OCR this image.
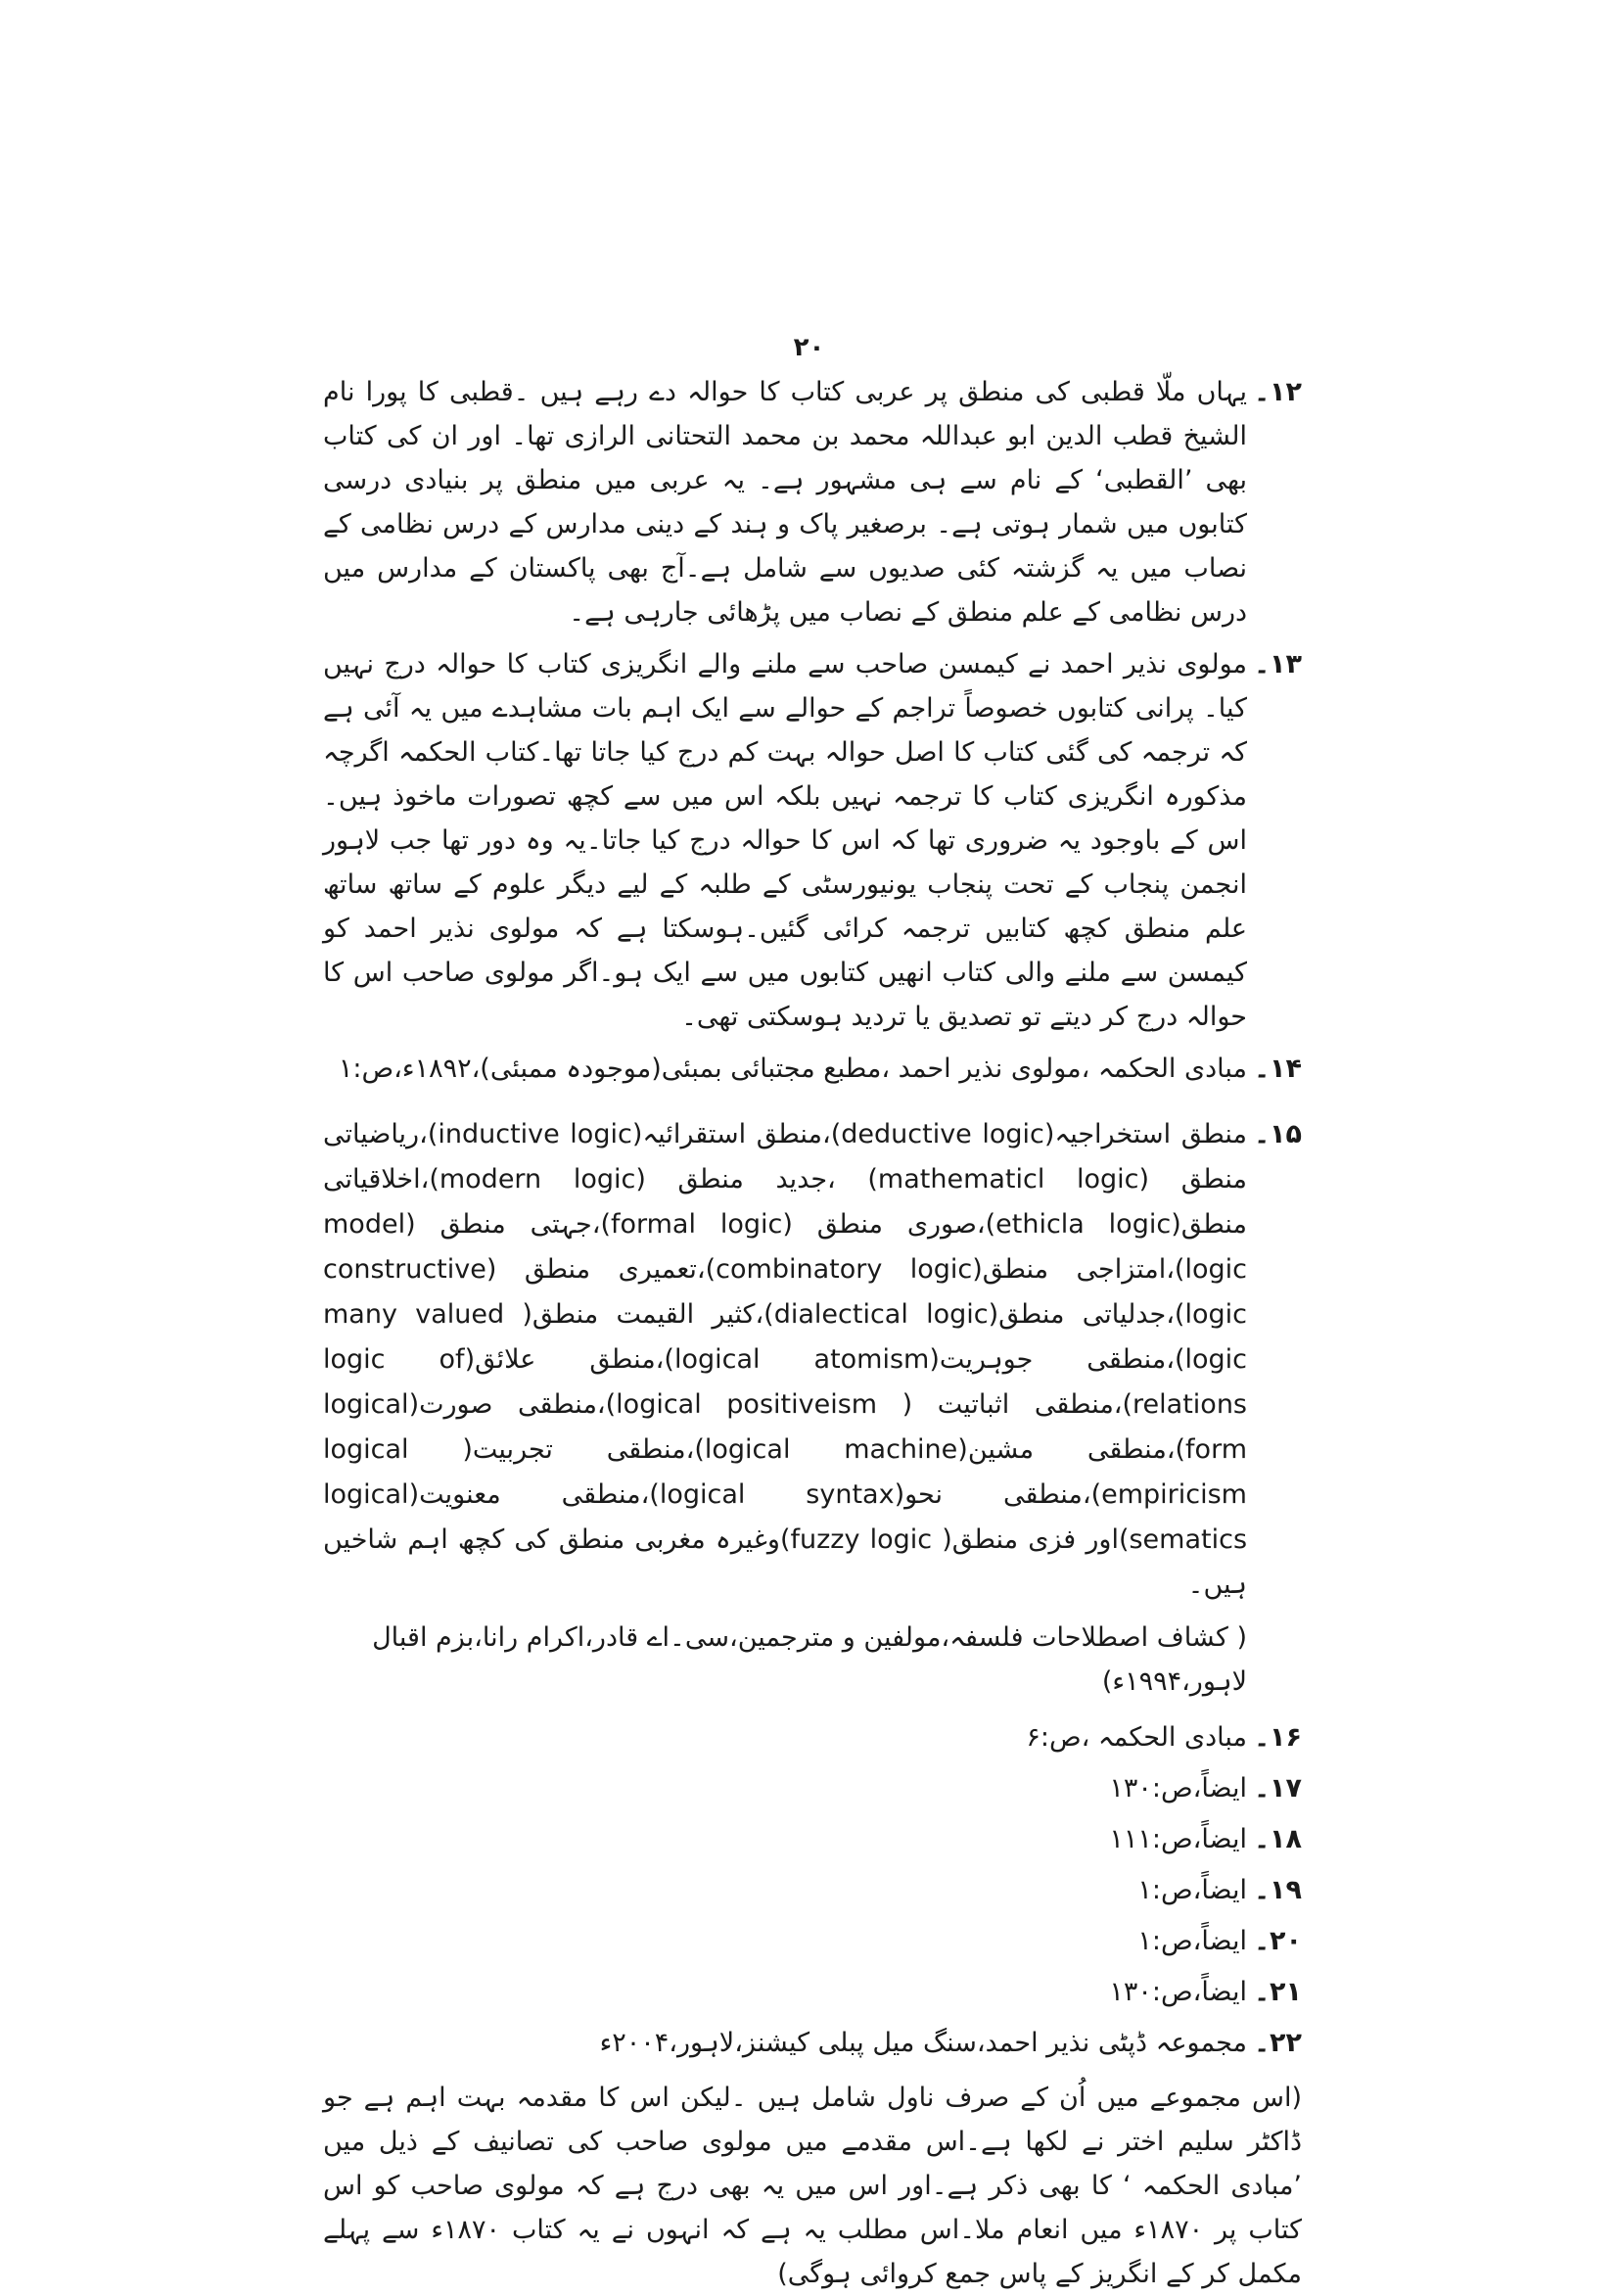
۲۰
۱۲۔
یہاں ملّا قطبی کی منطق پر عربی کتاب کا حوالہ دے رہے ہیں ۔قطبی کا پورا نام الشیخ قطب الدین ابو عبداللہ محمد بن محمد التحتانی الرازی تھا۔ اور ان کی کتاب بھی ’القطبی‘ کے نام سے ہی مشہور ہے۔ یہ عربی میں منطق پر بنیادی درسی کتابوں میں شمار ہوتی ہے۔ برصغیر پاک و ہند کے دینی مدارس کے درس نظامی کے نصاب میں یہ گزشتہ کئی صدیوں سے شامل ہے۔آج بھی پاکستان کے مدارس میں درس نظامی کے علم منطق کے نصاب میں پڑھائی جارہی ہے۔
۱۳۔
مولوی نذیر احمد نے کیمسن صاحب سے ملنے والے انگریزی کتاب کا حوالہ درج نہیں کیا۔ پرانی کتابوں خصوصاً تراجم کے حوالے سے ایک اہم بات مشاہدے میں یہ آئی ہے کہ ترجمہ کی گئی کتاب کا اصل حوالہ بہت کم درج کیا جاتا تھا۔کتاب الحکمہ اگرچہ مذکورہ انگریزی کتاب کا ترجمہ نہیں بلکہ اس میں سے کچھ تصورات ماخوذ ہیں۔اس کے باوجود یہ ضروری تھا کہ اس کا حوالہ درج کیا جاتا۔یہ وہ دور تھا جب لاہور انجمن پنجاب کے تحت پنجاب یونیورسٹی کے طلبہ کے لیے دیگر علوم کے ساتھ ساتھ علم منطق کچھ کتابیں ترجمہ کرائی گئیں۔ہوسکتا ہے کہ مولوی نذیر احمد کو کیمسن سے ملنے والی کتاب انھیں کتابوں میں سے ایک ہو۔اگر مولوی صاحب اس کا حوالہ درج کر دیتے تو تصدیق یا تردید ہوسکتی تھی۔
۱۴۔
مبادی الحکمہ ،مولوی نذیر احمد ،مطبع مجتبائی بمبئی(موجودہ ممبئی)،۱۸۹۲ء،ص:۱
۱۵۔
منطق استخراجیہ(deductive logic)،منطق استقرائیہ(inductive logic)،ریاضیاتی منطق (mathematicl logic) ،جدید منطق (modern logic)،اخلاقیاتی منطق(ethicla logic)،صوری منطق (formal logic)،جہتی منطق (model logic)،امتزاجی منطق(combinatory logic)،تعمیری منطق (constructive logic)،جدلیاتی منطق(dialectical logic)،کثیر القیمت منطق( many valued logic)،منطقی جوہریت(logical atomism)،منطق علائق(logic of relations)،منطقی اثباتیت ( logical positiveism)،منطقی صورت(logical form)،منطقی مشین(logical machine)،منطقی تجربیت( logical empiricism)،منطقی نحو(logical syntax)،منطقی معنویت(logical sematics)اور فزی منطق( fuzzy logic)وغیرہ مغربی منطق کی کچھ اہم شاخیں ہیں۔
( کشاف اصطلاحات فلسفہ،مولفین و مترجمین،سی۔اے قادر،اکرام رانا،بزم اقبال لاہور،۱۹۹۴ء)
۱۶۔
مبادی الحکمہ ،ص:۶
۱۷۔
ایضاً،ص:۱۳۰
۱۸۔
ایضاً،ص:۱۱۱
۱۹۔
ایضاً،ص:۱
۲۰۔
ایضاً،ص:۱
۲۱۔
ایضاً،ص:۱۳۰
۲۲۔
مجموعہ ڈپٹی نذیر احمد،سنگ میل پبلی کیشنز،لاہور،۲۰۰۴ء
(اس مجموعے میں اُن کے صرف ناول شامل ہیں ۔لیکن اس کا مقدمہ بہت اہم ہے جو ڈاکٹر سلیم اختر نے لکھا ہے۔اس مقدمے میں مولوی صاحب کی تصانیف کے ذیل میں ’مبادی الحکمہ ‘ کا بھی ذکر ہے۔اور اس میں یہ بھی درج ہے کہ مولوی صاحب کو اس کتاب پر ۱۸۷۰ء میں انعام ملا۔اس مطلب یہ ہے کہ انہوں نے یہ کتاب ۱۸۷۰ء سے پہلے مکمل کر کے انگریز کے پاس جمع کروائی ہوگی)
